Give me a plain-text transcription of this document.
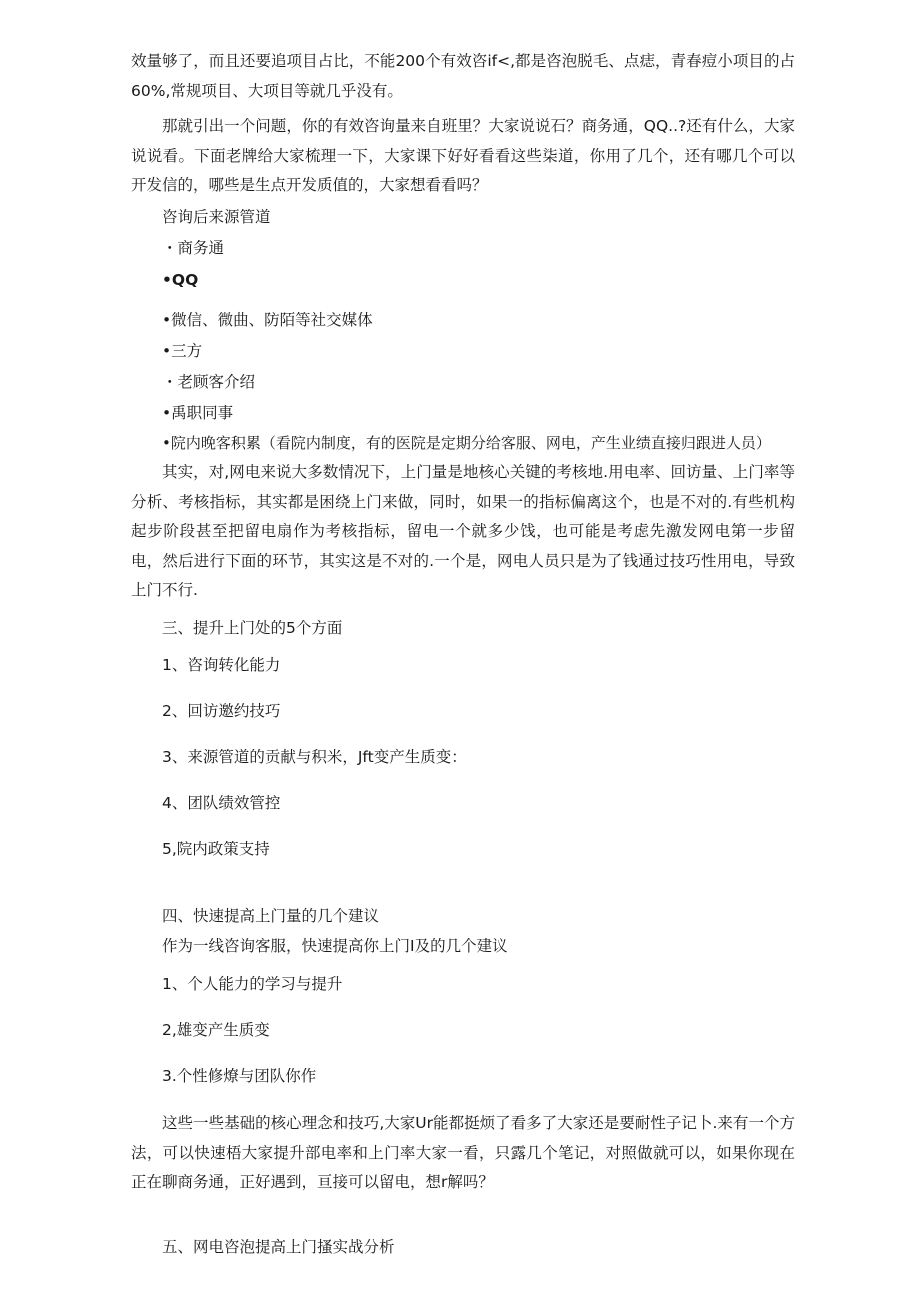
效量够了，而且还要追项目占比，不能200个有效咨if<,都是咨泡脱毛、点痣，青春痘小项目的占60%,常规项目、大项目等就几乎没有。
那就引出一个问题，你的有效咨询量来自班里？大家说说石？商务通，QQ..?还有什么，大家说说看。下面老牌给大家梳理一下，大家课下好好看看这些柒道，你用了几个，还有哪几个可以开发信的，哪些是生点开发质值的，大家想看看吗？
咨询后来源管道
・商务通
•QQ
•微信、微曲、防陌等社交媒体
•三方
・老顾客介绍
•禹职同事
•院内晚客积累（看院内制度，有的医院是定期分给客服、网电，产生业绩直接归跟进人员）
其实，对,网电来说大多数情况下，上门量是地核心关键的考核地.用电率、回访量、上门率等分析、考核指标，其实都是困绕上门来做，同时，如果一的指标偏离这个，也是不对的.有些机构起步阶段甚至把留电扇作为考核指标，留电一个就多少饯，也可能是考虑先激发网电第一步留电，然后进行下面的环节，其实这是不对的.一个是，网电人员只是为了钱通过技巧性用电，导致上门不行.
三、提升上门处的5个方面
1、咨询转化能力
2、回访邀约技巧
3、来源管道的贡献与积米，Jft变产生质变：
4、团队绩效管控
5,院内政策支持
四、快速提高上门量的几个建议
作为一线咨询客服，快速提高你上门I及的几个建议
1、个人能力的学习与提升
2,雄变产生质变
3.个性修燎与团队你作
这些一些基础的核心理念和技巧,大家Ur能都挺烦了看多了大家还是要耐性子记卜.来有一个方法，可以快速梧大家提升部电率和上门率大家一看，只露几个笔记，对照做就可以，如果你现在正在聊商务通，正好遇到，亘接可以留电，想r解吗？
五、网电咨泡提高上门搔实战分析
